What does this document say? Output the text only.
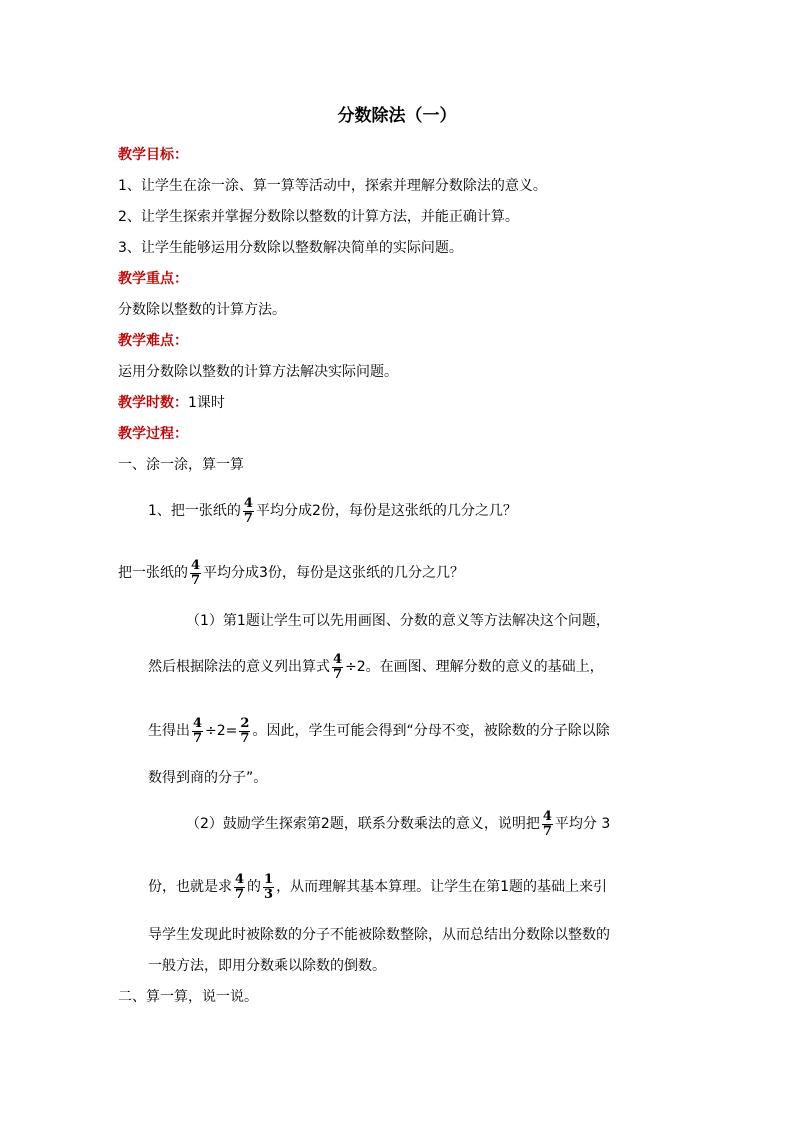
分数除法（一）
教学目标：
1、让学生在涂一涂、算一算等活动中，探索并理解分数除法的意义。
2、让学生探索并掌握分数除以整数的计算方法，并能正确计算。
3、让学生能够运用分数除以整数解决简单的实际问题。
教学重点：
分数除以整数的计算方法。
教学难点：
运用分数除以整数的计算方法解决实际问题。
教学时数：1课时
教学过程：
一、涂一涂，算一算
1、把一张纸的 $\frac{4}{7}$ 平均分成2份，每份是这张纸的几分之几？
把一张纸的 $\frac{4}{7}$ 平均分成3份，每份是这张纸的几分之几？
（1）第1题让学生可以先用画图、分数的意义等方法解决这个问题，
然后根据除法的意义列出算式 $\frac{4}{7} \div 2$。在画图、理解分数的意义的基础上，
生得出 $\frac{4}{7} \div 2= \frac{2}{7}$ 。因此，学生可能会得到“分母不变，被除数的分子除以除
数得到商的分子”。
（2）鼓励学生探索第2题，联系分数乘法的意义，说明把 $\frac{4}{7}$ 平均分 3
份，也就是求 $\frac{4}{7}$ 的 $\frac{1}{3}$ ，从而理解其基本算理。让学生在第1题的基础上来引
导学生发现此时被除数的分子不能被除数整除，从而总结出分数除以整数的
一般方法，即用分数乘以除数的倒数。
二、算一算，说一说。
